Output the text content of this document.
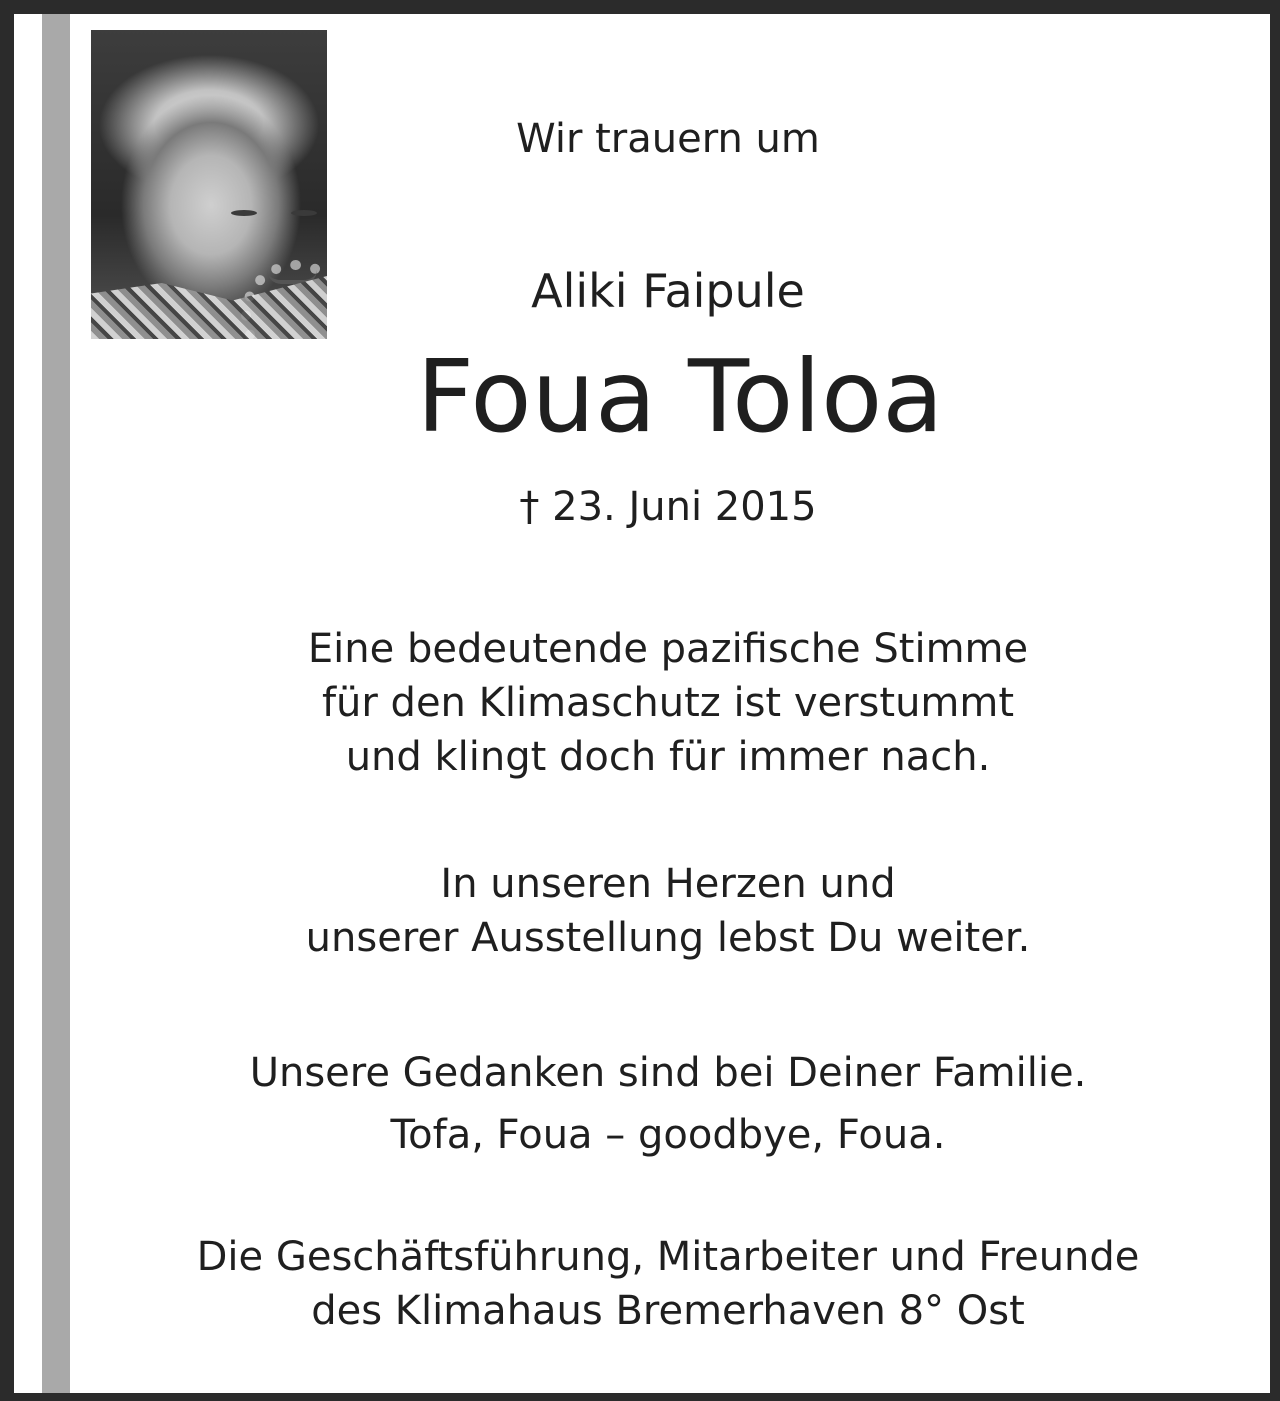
Wir trauern um

Aliki Faipule

Foua Toloa

† 23. Juni 2015

Eine bedeutende pazifische Stimme
für den Klimaschutz ist verstummt
und klingt doch für immer nach.
In unseren Herzen und
unserer Ausstellung lebst Du weiter.
Unsere Gedanken sind bei Deiner Familie.
Tofa, Foua – goodbye, Foua.
Die Geschäftsführung, Mitarbeiter und Freunde
des Klimahaus Bremerhaven 8° Ost
